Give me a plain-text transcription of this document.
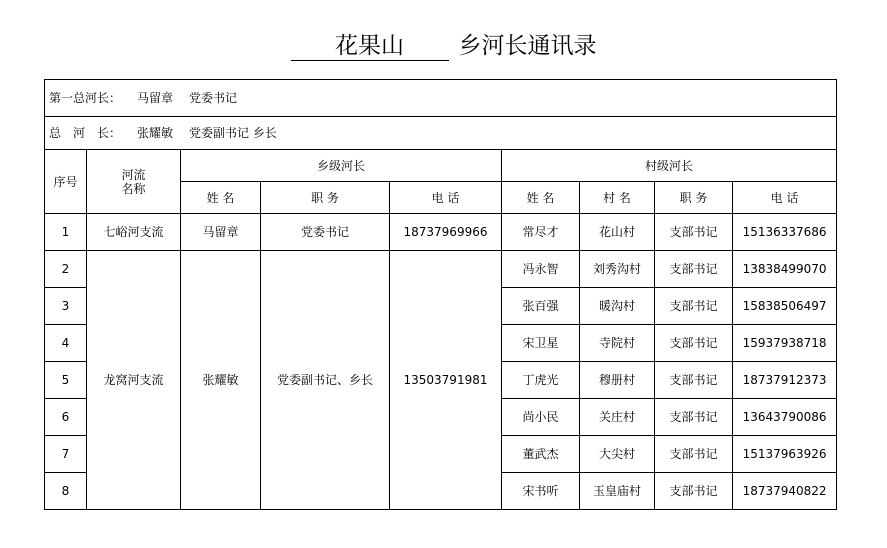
花果山 乡河长通讯录
第一总河长： 马留章 党委书记								
总　河　长： 张耀敏 党委副书记 乡长								
序号	河流名称	乡级河长			村级河长			
		姓 名	职 务	电 话	姓 名	村 名	职 务	电 话
1	七峪河支流	马留章	党委书记	18737969966	常尽才	花山村	支部书记	15136337686
2	龙窝河支流	张耀敏	党委副书记、乡长	13503791981	冯永智	刘秀沟村	支部书记	13838499070
3					张百强	暖沟村	支部书记	15838506497
4					宋卫星	寺院村	支部书记	15937938718
5					丁虎光	穆册村	支部书记	18737912373
6					尚小民	关庄村	支部书记	13643790086
7					董武杰	大尖村	支部书记	15137963926
8					宋书听	玉皇庙村	支部书记	18737940822
